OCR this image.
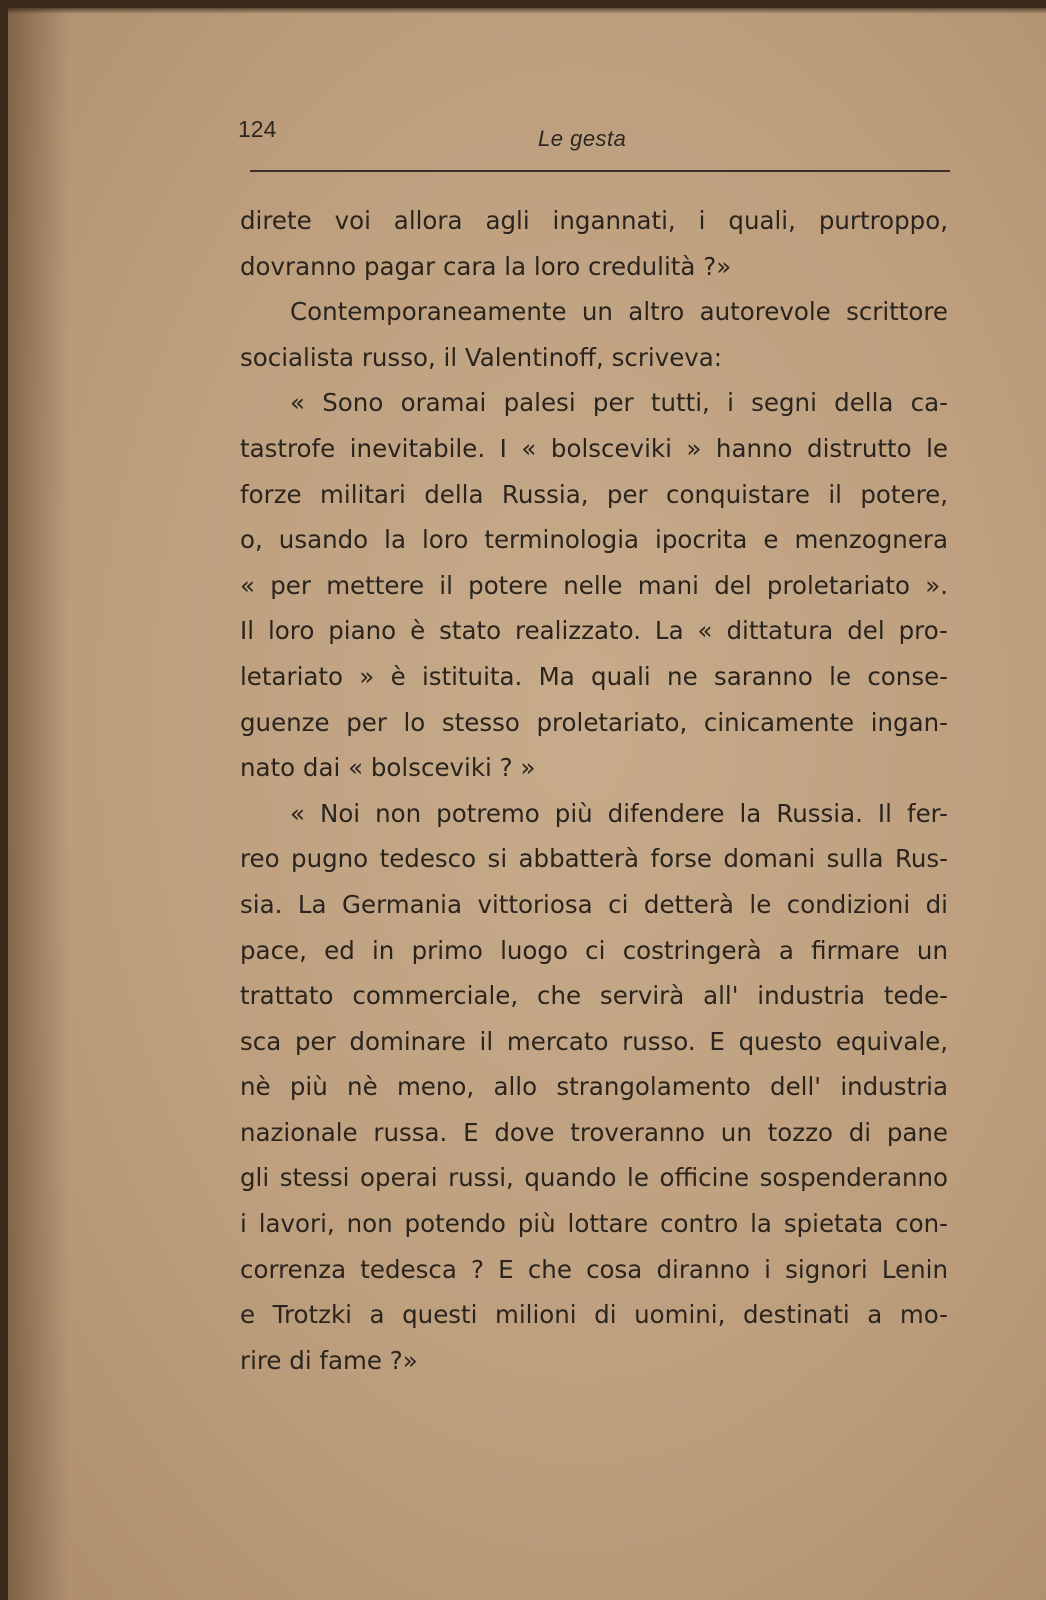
124	Le gesta
direte voi allora agli ingannati, i quali, purtroppo,
dovranno pagar cara la loro credulità ?»
Contemporaneamente un altro autorevole scrittore
socialista russo, il Valentinoff, scriveva:
« Sono oramai palesi per tutti, i segni della ca-
tastrofe inevitabile. I « bolsceviki » hanno distrutto le
forze militari della Russia, per conquistare il potere,
o, usando la loro terminologia ipocrita e menzognera
« per mettere il potere nelle mani del proletariato ».
Il loro piano è stato realizzato. La « dittatura del pro-
letariato » è istituita. Ma quali ne saranno le conse-
guenze per lo stesso proletariato, cinicamente ingan-
nato dai « bolsceviki ? »
« Noi non potremo più difendere la Russia. Il fer-
reo pugno tedesco si abbatterà forse domani sulla Rus-
sia. La Germania vittoriosa ci detterà le condizioni di
pace, ed in primo luogo ci costringerà a firmare un
trattato commerciale, che servirà all' industria tede-
sca per dominare il mercato russo. E questo equivale,
nè più nè meno, allo strangolamento dell' industria
nazionale russa. E dove troveranno un tozzo di pane
gli stessi operai russi, quando le officine sospenderanno
i lavori, non potendo più lottare contro la spietata con-
correnza tedesca ? E che cosa diranno i signori Lenin
e Trotzki a questi milioni di uomini, destinati a mo-
rire di fame ?»
